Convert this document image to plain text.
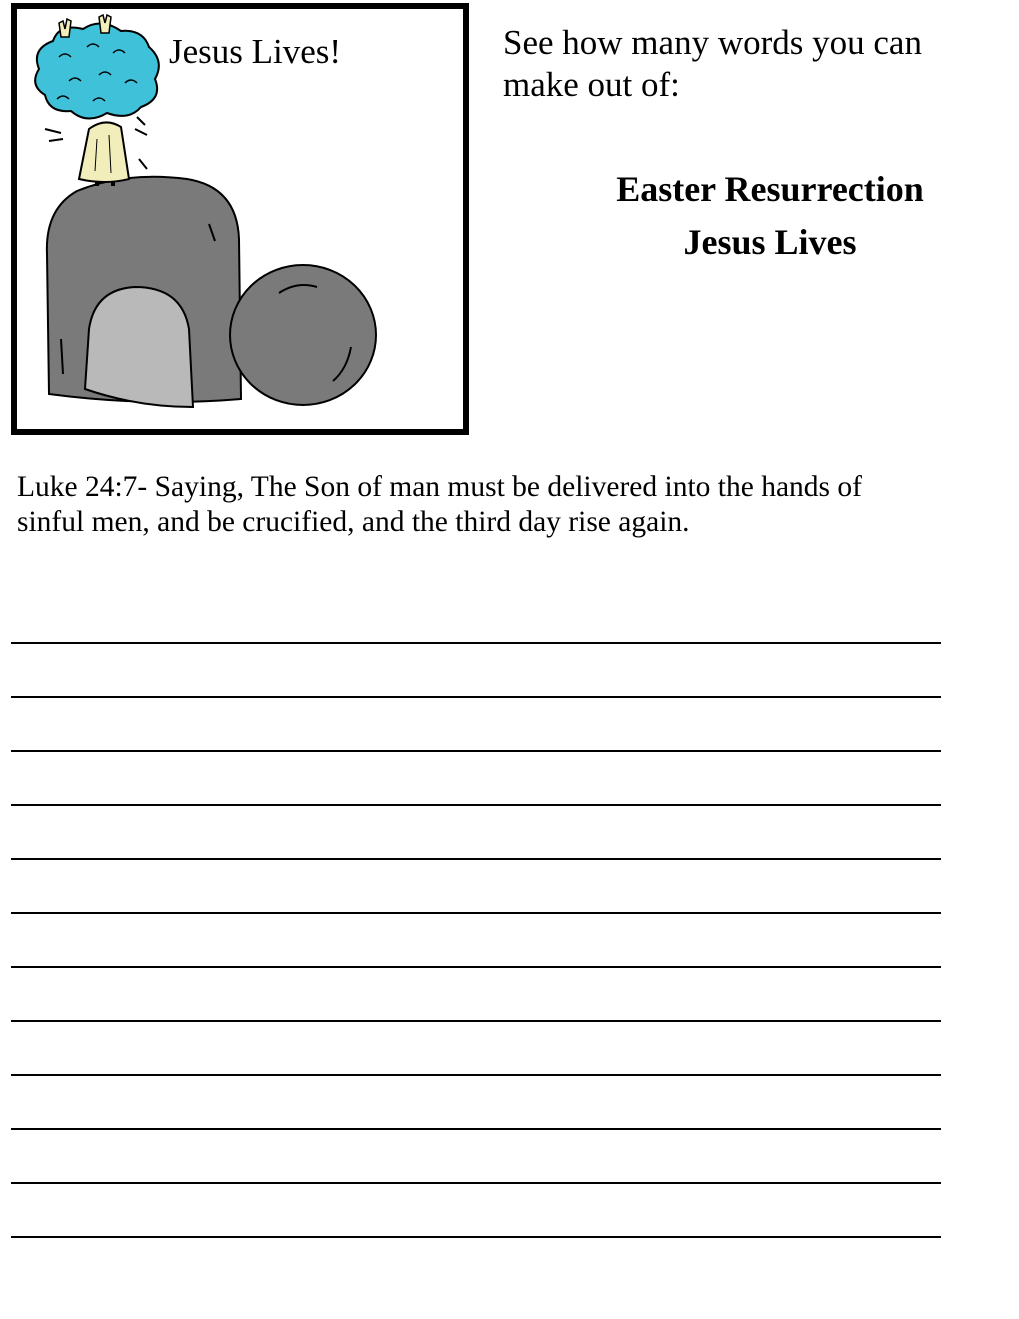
Jesus Lives!	See how many words you can
make out of:
Easter Resurrection
Jesus Lives
Luke 24:7- Saying, The Son of man must be delivered into the hands of
sinful men, and be crucified, and the third day rise again.
